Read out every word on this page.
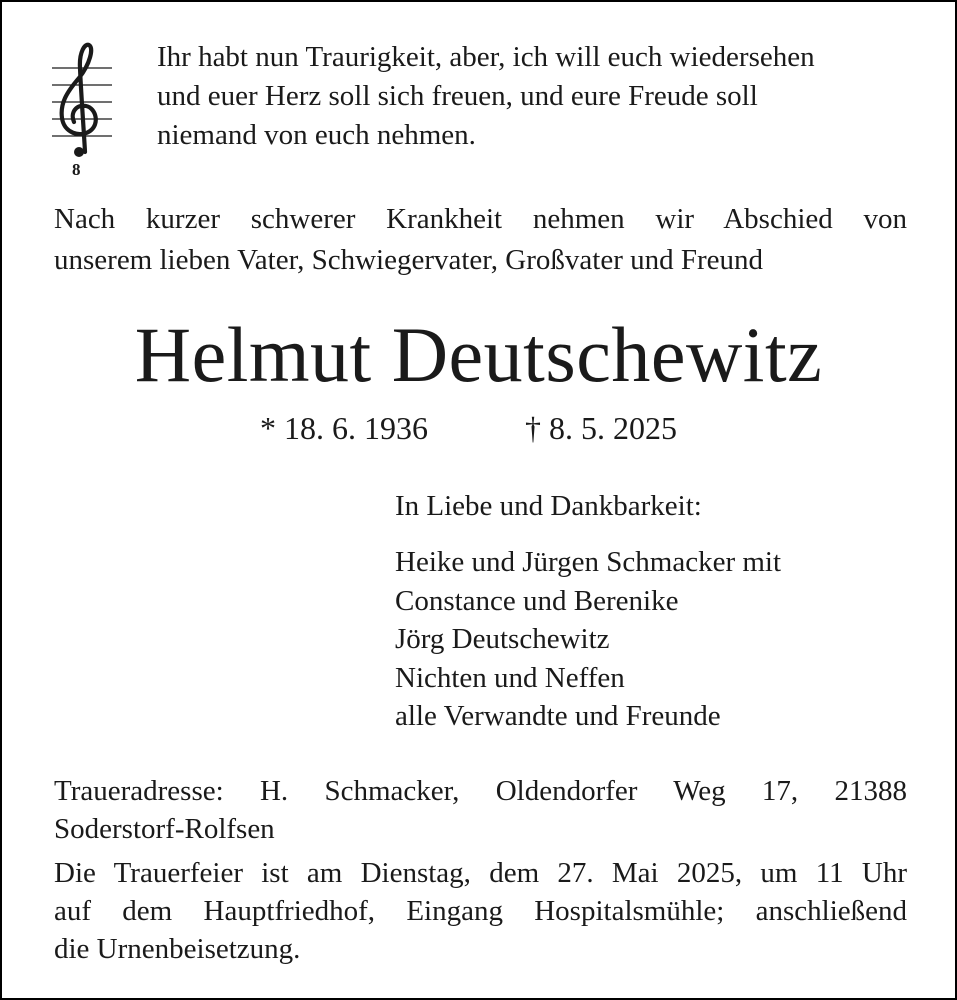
8
Ihr habt nun Traurigkeit, aber, ich will euch wiedersehen
und euer Herz soll sich freuen, und eure Freude soll
niemand von euch nehmen.
Nach kurzer schwerer Krankheit nehmen wir Abschied von
unserem lieben Vater, Schwiegervater, Großvater und Freund
Helmut Deutschewitz
* 18. 6. 1936	† 8. 5. 2025
In Liebe und Dankbarkeit:
Heike und Jürgen Schmacker mit
Constance und Berenike
Jörg Deutschewitz
Nichten und Neffen
alle Verwandte und Freunde
Traueradresse: H. Schmacker, Oldendorfer Weg 17, 21388
Soderstorf-Rolfsen
Die Trauerfeier ist am Dienstag, dem 27. Mai 2025, um 11 Uhr
auf dem Hauptfriedhof, Eingang Hospitalsmühle; anschließend
die Urnenbeisetzung.
